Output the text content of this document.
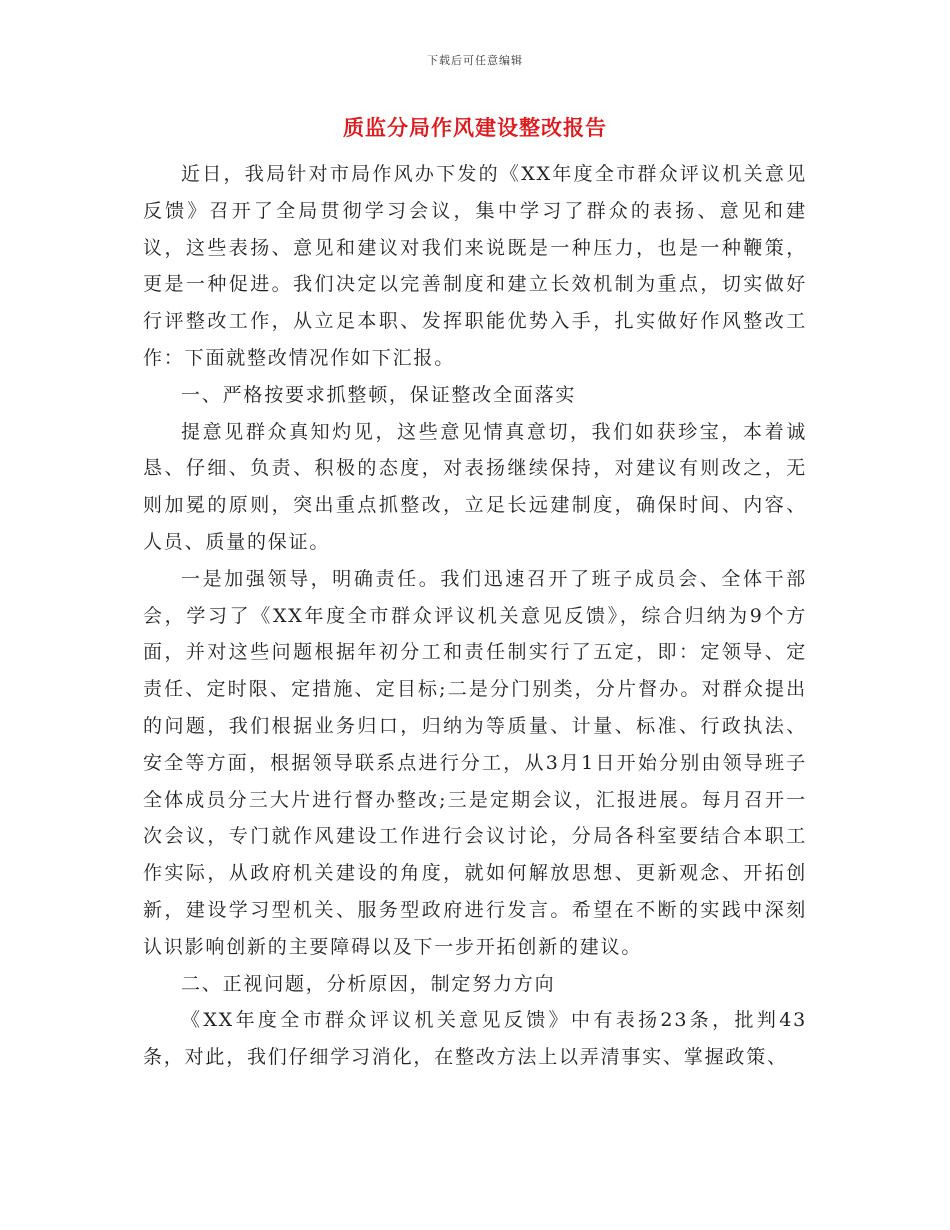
下载后可任意编辑
质监分局作风建设整改报告

近日，我局针对市局作风办下发的《XX年度全市群众评议机关意见反馈》召开了全局贯彻学习会议，集中学习了群众的表扬、意见和建议，这些表扬、意见和建议对我们来说既是一种压力，也是一种鞭策，更是一种促进。我们决定以完善制度和建立长效机制为重点，切实做好行评整改工作，从立足本职、发挥职能优势入手，扎实做好作风整改工作：下面就整改情况作如下汇报。

一、严格按要求抓整顿，保证整改全面落实

提意见群众真知灼见，这些意见情真意切，我们如获珍宝，本着诚恳、仔细、负责、积极的态度，对表扬继续保持，对建议有则改之，无则加冕的原则，突出重点抓整改，立足长远建制度，确保时间、内容、人员、质量的保证。

一是加强领导，明确责任。我们迅速召开了班子成员会、全体干部会，学习了《XX年度全市群众评议机关意见反馈》，综合归纳为9个方面，并对这些问题根据年初分工和责任制实行了五定，即：定领导、定责任、定时限、定措施、定目标;二是分门别类，分片督办。对群众提出的问题，我们根据业务归口，归纳为等质量、计量、标准、行政执法、安全等方面，根据领导联系点进行分工，从3月1日开始分别由领导班子全体成员分三大片进行督办整改;三是定期会议，汇报进展。每月召开一次会议，专门就作风建设工作进行会议讨论，分局各科室要结合本职工作实际，从政府机关建设的角度，就如何解放思想、更新观念、开拓创新，建设学习型机关、服务型政府进行发言。希望在不断的实践中深刻认识影响创新的主要障碍以及下一步开拓创新的建议。

二、正视问题，分析原因，制定努力方向

《XX年度全市群众评议机关意见反馈》中有表扬23条，批判43条，对此，我们仔细学习消化，在整改方法上以弄清事实、掌握政策、
